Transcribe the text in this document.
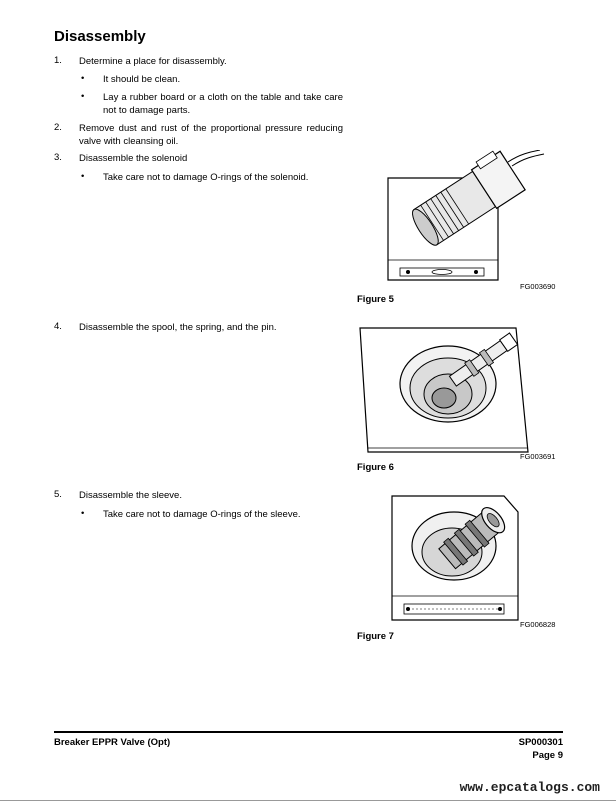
Disassembly
1. Determine a place for disassembly.
• It should be clean.
• Lay a rubber board or a cloth on the table and take care not to damage parts.
2. Remove dust and rust of the proportional pressure reducing valve with cleansing oil.
3. Disassemble the solenoid
• Take care not to damage O-rings of the solenoid.
FG003690
Figure 5
4. Disassemble the spool, the spring, and the pin.
FG003691
Figure 6
5. Disassemble the sleeve.
• Take care not to damage O-rings of the sleeve.
FG006828
Figure 7
Breaker EPPR Valve (Opt)	SP000301
Page 9
www.epcatalogs.com
